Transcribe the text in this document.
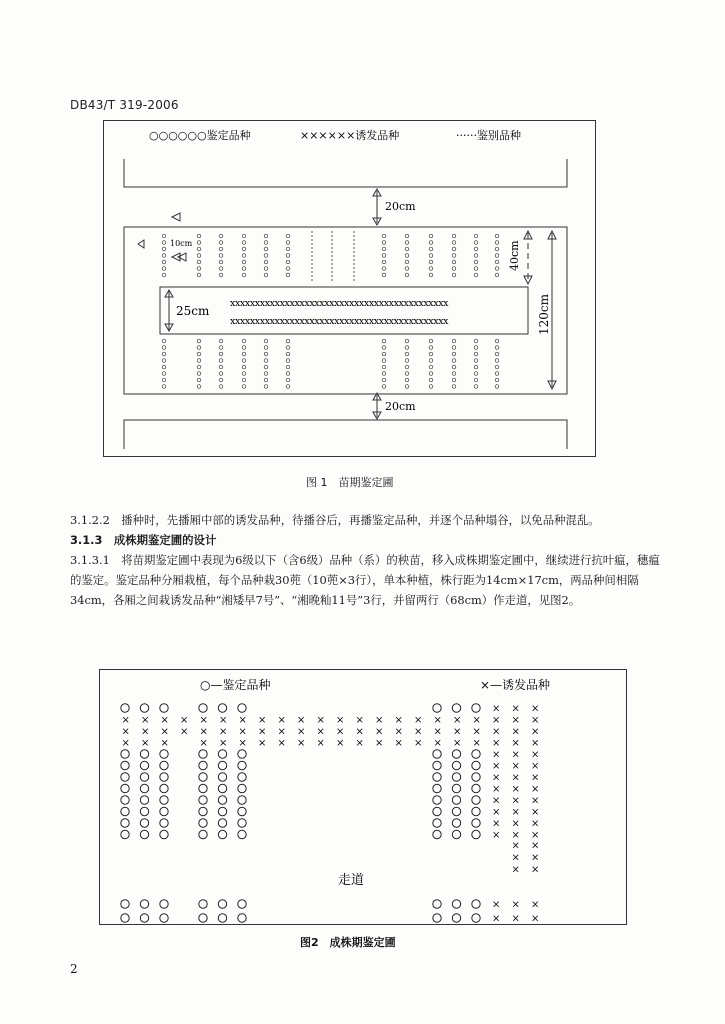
DB43/T 319-2006
○○○○○○鉴定品种	××××××诱发品种	······鉴别品种
20cm
20cm
10cm
25cm
xxxxxxxxxxxxxxxxxxxxxxxxxxxxxxxxxxxxxxxxxxxx
xxxxxxxxxxxxxxxxxxxxxxxxxxxxxxxxxxxxxxxxxxxx
40cm
120cm
图 1　苗期鉴定圃

3.1.2.2　播种时，先播厢中部的诱发品种，待播谷后，再播鉴定品种，并逐个品种塌谷，以免品种混乱。

3.1.3　成株期鉴定圃的设计

3.1.3.1　将苗期鉴定圃中表现为6级以下（含6级）品种（系）的秧苗，移入成株期鉴定圃中，继续进行抗叶瘟，穗瘟的鉴定。鉴定品种分厢栽植，每个品种栽30蔸（10蔸×3行），单本种植，株行距为14cm×17cm，两品种间相隔34cm，各厢之间栽诱发品种“湘矮早7号”、“湘晚籼11号”3行，并留两行（68cm）作走道，见图2。

○—鉴定品种	×—诱发品种
走道
× × ×
× × × × × × × × × × × × × × × × × × × × × ×
× × × × × × × × × × × × × × × × × × × × × ×
× × ×	× × × × × × × × × × × × × × × × × ×
× × ×
× × ×
× × ×
× × ×
× × ×
× × ×
× × ×
× × ×
× ×
× ×
× ×
× × ×
× × ×
图2　成株期鉴定圃
2
